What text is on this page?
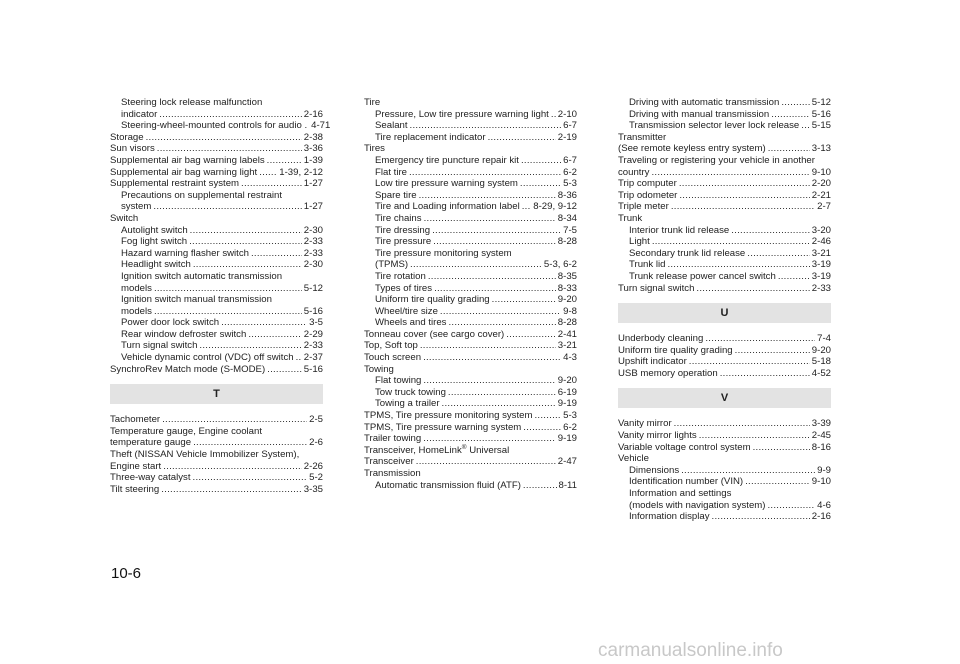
Steering lock release malfunction
indicator . . .	2-16
Steering-wheel-mounted controls for audio . 4-71
Storage . . .	2-38
Sun visors . . .	3-36
Supplemental air bag warning labels . . .	1-39
Supplemental air bag warning light . . . 1-39, 2-12
Supplemental restraint system . . .	1-27
Precautions on supplemental restraint
system . . .	1-27
Switch
Autolight switch . . .	2-30
Fog light switch . . .	2-33
Hazard warning flasher switch . . .	2-33
Headlight switch . . .	2-30
Ignition switch automatic transmission
models . . .	5-12
Ignition switch manual transmission
models . . .	5-16
Power door lock switch . . .	3-5
Rear window defroster switch . . .	2-29
Turn signal switch . . .	2-33
Vehicle dynamic control (VDC) off switch . . . 2-37
SynchroRev Match mode (S-MODE) . . .	5-16
T
Tachometer . . .	2-5
Temperature gauge, Engine coolant
temperature gauge . . .	2-6
Theft (NISSAN Vehicle Immobilizer System),
Engine start . . .	2-26
Three-way catalyst . . .	5-2
Tilt steering . . .	3-35
Tire
Pressure, Low tire pressure warning light . . . 2-10
Sealant . . .	6-7
Tire replacement indicator . . .	2-19
Tires
Emergency tire puncture repair kit . . .	6-7
Flat tire . . .	6-2
Low tire pressure warning system . . .	5-3
Spare tire . . .	8-36
Tire and Loading information label . . . 8-29, 9-12
Tire chains . . .	8-34
Tire dressing . . .	7-5
Tire pressure . . .	8-28
Tire pressure monitoring system
(TPMS) . . .	5-3, 6-2
Tire rotation . . .	8-35
Types of tires . . .	8-33
Uniform tire quality grading . . .	9-20
Wheel/tire size . . .	9-8
Wheels and tires . . .	8-28
Tonneau cover (see cargo cover) . . .	2-41
Top, Soft top . . .	3-21
Touch screen . . .	4-3
Towing
Flat towing . . .	9-20
Tow truck towing . . .	6-19
Towing a trailer . . .	9-19
TPMS, Tire pressure monitoring system . . .	5-3
TPMS, Tire pressure warning system . . .	6-2
Trailer towing . . .	9-19
Transceiver, HomeLink® Universal
Transceiver . . .	2-47
Transmission
Automatic transmission fluid (ATF) . . .	8-11
Driving with automatic transmission . . .	5-12
Driving with manual transmission . . .	5-16
Transmission selector lever lock release . . . 5-15
Transmitter
(See remote keyless entry system) . . .	3-13
Traveling or registering your vehicle in another
country . . .	9-10
Trip computer . . .	2-20
Trip odometer . . .	2-21
Triple meter . . .	2-7
Trunk
Interior trunk lid release . . .	3-20
Light . . .	2-46
Secondary trunk lid release . . .	3-21
Trunk lid . . .	3-19
Trunk release power cancel switch . . .	3-19
Turn signal switch . . .	2-33
U
Underbody cleaning . . .	7-4
Uniform tire quality grading . . .	9-20
Upshift indicator . . .	5-18
USB memory operation . . .	4-52
V
Vanity mirror . . .	3-39
Vanity mirror lights . . .	2-45
Variable voltage control system . . .	8-16
Vehicle
Dimensions . . .	9-9
Identification number (VIN) . . .	9-10
Information and settings
(models with navigation system) . . .	4-6
Information display . . .	2-16
10-6
carmanualsonline.info
